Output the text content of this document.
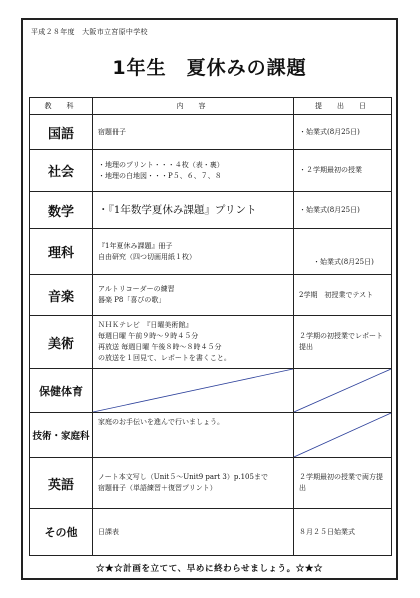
平成２８年度　大阪市立宮原中学校
1年生　夏休みの課題
教　科	内　容	提　出　日
国語	宿題冊子	・始業式(8月25日)

社会	・地理のプリント・・・４枚（表・裏）
・地理の白地図・・・P５、６、７、８	・２学期最初の授業

数学	・『1年数学夏休み課題』プリント	・始業式(8月25日)

理科	『1年夏休み課題』冊子
自由研究（四つ切画用紙１枚）	・始業式(8月25日)

音楽	アルトリコーダーの練習
器楽 P8「喜びの歌」	2学期　初授業でテスト

美術	ＮＨＫテレビ　『日曜美術館』
毎週日曜 午前９時〜９時４５分
再放送 毎週日曜 午後８時〜８時４５分
の放送を１回見て、レポートを書くこと。	２学期の初授業でレポート
提出

保健体育	

技術・家庭科	家庭のお手伝いを進んで行いましょう。

英語	ノート本文写し（Unit５〜Unit9 part 3）p.105まで
宿題冊子（単語練習＋復習プリント）	２学期最初の授業で両方提
出

その他	日課表	８月２５日始業式
☆★☆計画を立てて、早めに終わらせましょう。☆★☆
